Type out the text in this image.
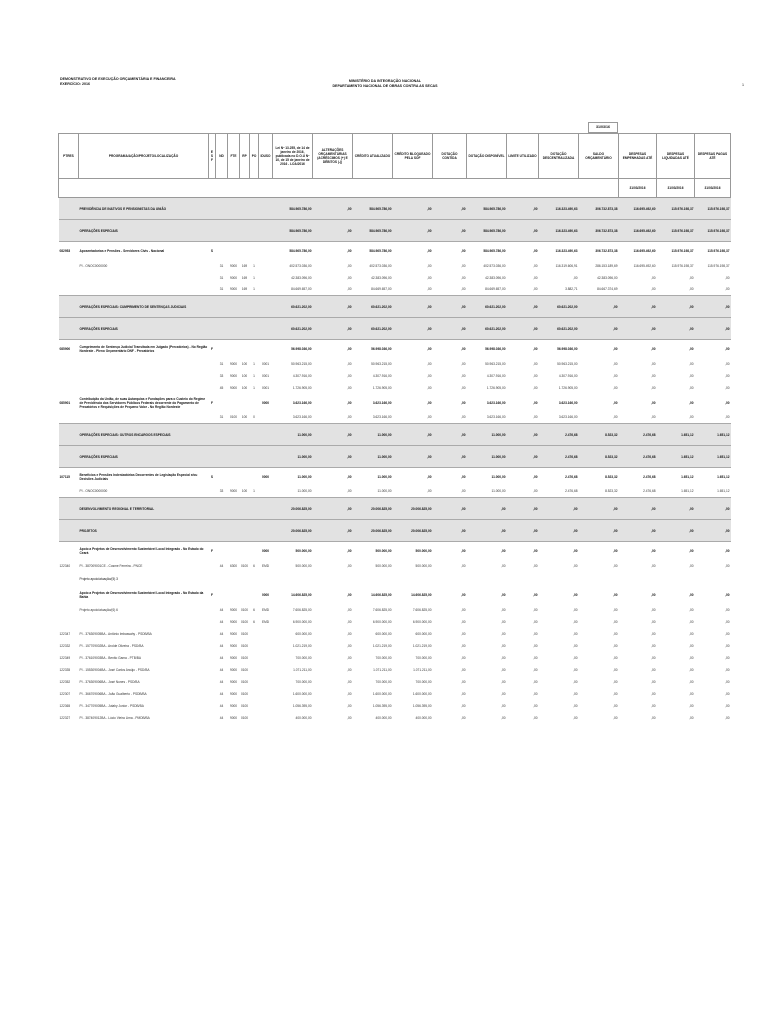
DEMONSTRATIVO DE EXECUÇÃO ORÇAMENTÁRIA E FINANCEIRA
EXERCÍCIO: 2016
MINISTÉRIO DA INTEGRAÇÃO NACIONAL
DEPARTAMENTO NACIONAL DE OBRAS CONTRA AS SECAS	1
31/03/16
PTRES	PROGRAMA/AÇÃO/PROJETO/LOCALIZAÇÃO	E S F	ND	FTE	RP	PO	IDUSO	Lei Nº 13.255, de 14 de janeiro de 2016, publicada no D.O.U Nº 10, de 15 de janeiro de 2016 - LOA/2016	ALTERAÇÕES ORÇAMENTÁRIAS (ACRÉSCIMOS (+) E DÉBITOS (-))	CRÉDITO ATUALIZADO	CRÉDITO BLOQUEADO PELA SOF	DOTAÇÃO CONTIDA	DOTAÇÃO DISPONÍVEL	LIMITE UTILIZADO	DOTAÇÃO DESCENTRALIZADA	SALDO ORÇAMENTÁRIO	DESPESAS EMPENHADAS ATÉ	DESPESAS LIQUIDADAS ATÉ	DESPESAS PAGAS ATÉ
																	31/03/2016	31/03/2016	31/03/2016
	PREVIDÊNCIA DE INATIVOS E PENSIONISTAS DA UNIÃO							584.965.786,00	,00	584.965.786,00	,00	,00	584.965.786,00	,00	116.323.490,63	306.732.873,38	116.695.492,60	115.976.198,37	115.976.198,37
	OPERAÇÕES ESPECIAIS							584.965.786,00	,00	584.965.786,00	,00	,00	584.965.786,00	,00	116.323.490,63	306.732.873,38	116.695.492,60	115.976.198,37	115.976.198,37
082953	Aposentadorias e Pensões - Servidores Civis - Nacional	S						584.965.786,00	,00	584.965.786,00	,00	,00	584.965.786,00	,00	116.323.490,63	306.732.873,38	116.695.492,60	115.976.198,37	115.976.198,37
	PI - ONOC0000000		31	9000	169	1		402.573.036,00	,00	402.573.036,00	,00	,00	402.573.036,00	,00	116.319.606,91	286.153.189,69	116.695.492,60	115.976.198,37	115.976.198,37
			31	9000	169	1		42.383.096,00	,00	42.383.096,00	,00	,00	42.383.096,00	,00	,00	42.383.096,00	,00	,00	,00
			31	9000	169	1		84.669.657,00	,00	84.669.657,00	,00	,00	84.669.657,00	,00	3.882,71	84.667.374,69	,00	,00	,00
	OPERAÇÕES ESPECIAIS: CUMPRIMENTO DE SENTENÇAS JUDICIAIS							60.621.202,00	,00	60.621.202,00	,00	,00	60.621.202,00	,00	60.621.202,00	,00	,00	,00	,00
	OPERAÇÕES ESPECIAIS							60.621.202,00	,00	60.621.202,00	,00	,00	60.621.202,00	,00	60.621.202,00	,00	,00	,00	,00
085900	Cumprimento de Sentença Judicial Transitada em Julgado (Precatórios) - No Região Nordeste - Pleno Orçamentário DNF - Precatórios	F						56.998.036,00	,00	56.998.036,00	,00	,00	56.998.036,00	,00	56.998.036,00	,00	,00	,00	,00
			31	9000	100	1	0001	50.963.215,00	,00	50.963.215,00	,00	,00	50.963.215,00	,00	50.963.215,00	,00	,00	,00	,00
			33	9000	100	1	0001	4.307.916,00	,00	4.307.916,00	,00	,00	4.307.916,00	,00	4.307.916,00	,00	,00	,00	,00
			45	9000	100	1	0001	1.726.905,00	,00	1.726.905,00	,00	,00	1.726.905,00	,00	1.726.905,00	,00	,00	,00	,00
085901	Contribuição da União, de suas Autarquias e Fundações para o Custeio do Regime de Previdência dos Servidores Públicos Federais decorrente do Pagamento de Precatórios e Requisições de Pequeno Valor - No Região Nordeste	F					0000	3.623.166,00	,00	3.623.166,00	,00	,00	3.623.166,00	,00	3.623.166,00	,00	,00	,00	,00
			31	0100	100	0		3.623.166,00	,00	3.623.166,00	,00	,00	3.623.166,00	,00	3.623.166,00	,00	,00	,00	,00
	OPERAÇÕES ESPECIAIS: OUTROS ENCARGOS ESPECIAIS							11.000,00	,00	11.000,00	,00	,00	11.000,00	,00	2.476,68	8.523,32	2.476,68	1.651,12	1.651,12
	OPERAÇÕES ESPECIAIS							11.000,00	,00	11.000,00	,00	,00	11.000,00	,00	2.476,68	8.523,32	2.476,68	1.651,12	1.651,12
107115	Benefícios e Pensões Indenizatórias Decorrentes de Legislação Especial e/ou Decisões Judiciais	S					0000	11.000,00	,00	11.000,00	,00	,00	11.000,00	,00	2.476,68	8.523,32	2.476,68	1.651,12	1.651,12
	PI - ONOC0000000		33	9000	100	1		11.000,00	,00	11.000,00	,00	,00	11.000,00	,00	2.476,68	8.523,32	2.476,68	1.651,12	1.651,12
	DESENVOLVIMENTO REGIONAL E TERRITORIAL							20.006.825,00	,00	20.006.825,00	20.006.825,00	,00	,00	,00	,00	,00	,00	,00	,00
	PROJETOS							20.006.825,00	,00	20.006.825,00	20.006.825,00	,00	,00	,00	,00	,00	,00	,00	,00
	Apoio a Projetos de Desenvolvimento Sustentável Local Integrado - No Estado do Ceará	F					0000	500.000,00	,00	500.000,00	500.000,00	,00	,00	,00	,00	,00	,00	,00	,00
122340	PI - 387009001CE - Cosme Ferreira - PNCE		44	6300	0100	6	EMD	500.000,00	,00	500.000,00	500.000,00	,00	,00	,00	,00	,00	,00	,00	,00
	Projeto apoio/atuação/(5) 3																		
	Apoio a Projetos de Desenvolvimento Sustentável Local Integrado - No Estado da Bahia	F					0000	14.606.825,00	,00	14.606.825,00	14.606.825,00	,00	,00	,00	,00	,00	,00	,00	,00
	Projeto apoio/atuação/(6) 6		44	9000	0100	6	EMD	7.606.825,00	,00	7.606.825,00	7.606.825,00	,00	,00	,00	,00	,00	,00	,00	,00
			44	9000	0100	6	EMD	6.900.000,00	,00	6.900.000,00	6.900.000,00	,00	,00	,00	,00	,00	,00	,00	,00
122347	PI - 376309005BA - Antônio Imbassahy - PSDB/BA		44	9000	0100			600.000,00	,00	600.000,00	600.000,00	,00	,00	,00	,00	,00	,00	,00	,00
122332	PI - 157709002BA - Arolde Oliveira - PSD/BA		44	9000	0100			1.021.219,00	,00	1.021.219,00	1.021.219,00	,00	,00	,00	,00	,00	,00	,00	,00
122349	PI - 376109003BA - Benito Gama - PTB/BA		44	9000	0100			700.000,00	,00	700.000,00	700.000,00	,00	,00	,00	,00	,00	,00	,00	,00
122335	PI - 155309004BA - José Carlos Araújo - PSD/BA		44	9000	0100			1.071.211,00	,00	1.071.211,00	1.071.211,00	,00	,00	,00	,00	,00	,00	,00	,00
122352	PI - 376309006BA - José Nunes - PSD/BA		44	9000	0100			700.000,00	,00	700.000,00	700.000,00	,00	,00	,00	,00	,00	,00	,00	,00
122307	PI - 366709006BA - João Gualberto - PSDB/BA		44	9000	0100			1.600.000,00	,00	1.600.000,00	1.600.000,00	,00	,00	,00	,00	,00	,00	,00	,00
122365	PI - 347709005BA - Jutahy Junior - PSDB/BA		44	9000	0100			1.056.395,00	,00	1.056.395,00	1.056.395,00	,00	,00	,00	,00	,00	,00	,00	,00
122327	PI - 387409012BA - Lúcio Vieira Lima - PMDB/BA		44	9000	0100			400.000,00	,00	400.000,00	400.000,00	,00	,00	,00	,00	,00	,00	,00	,00
